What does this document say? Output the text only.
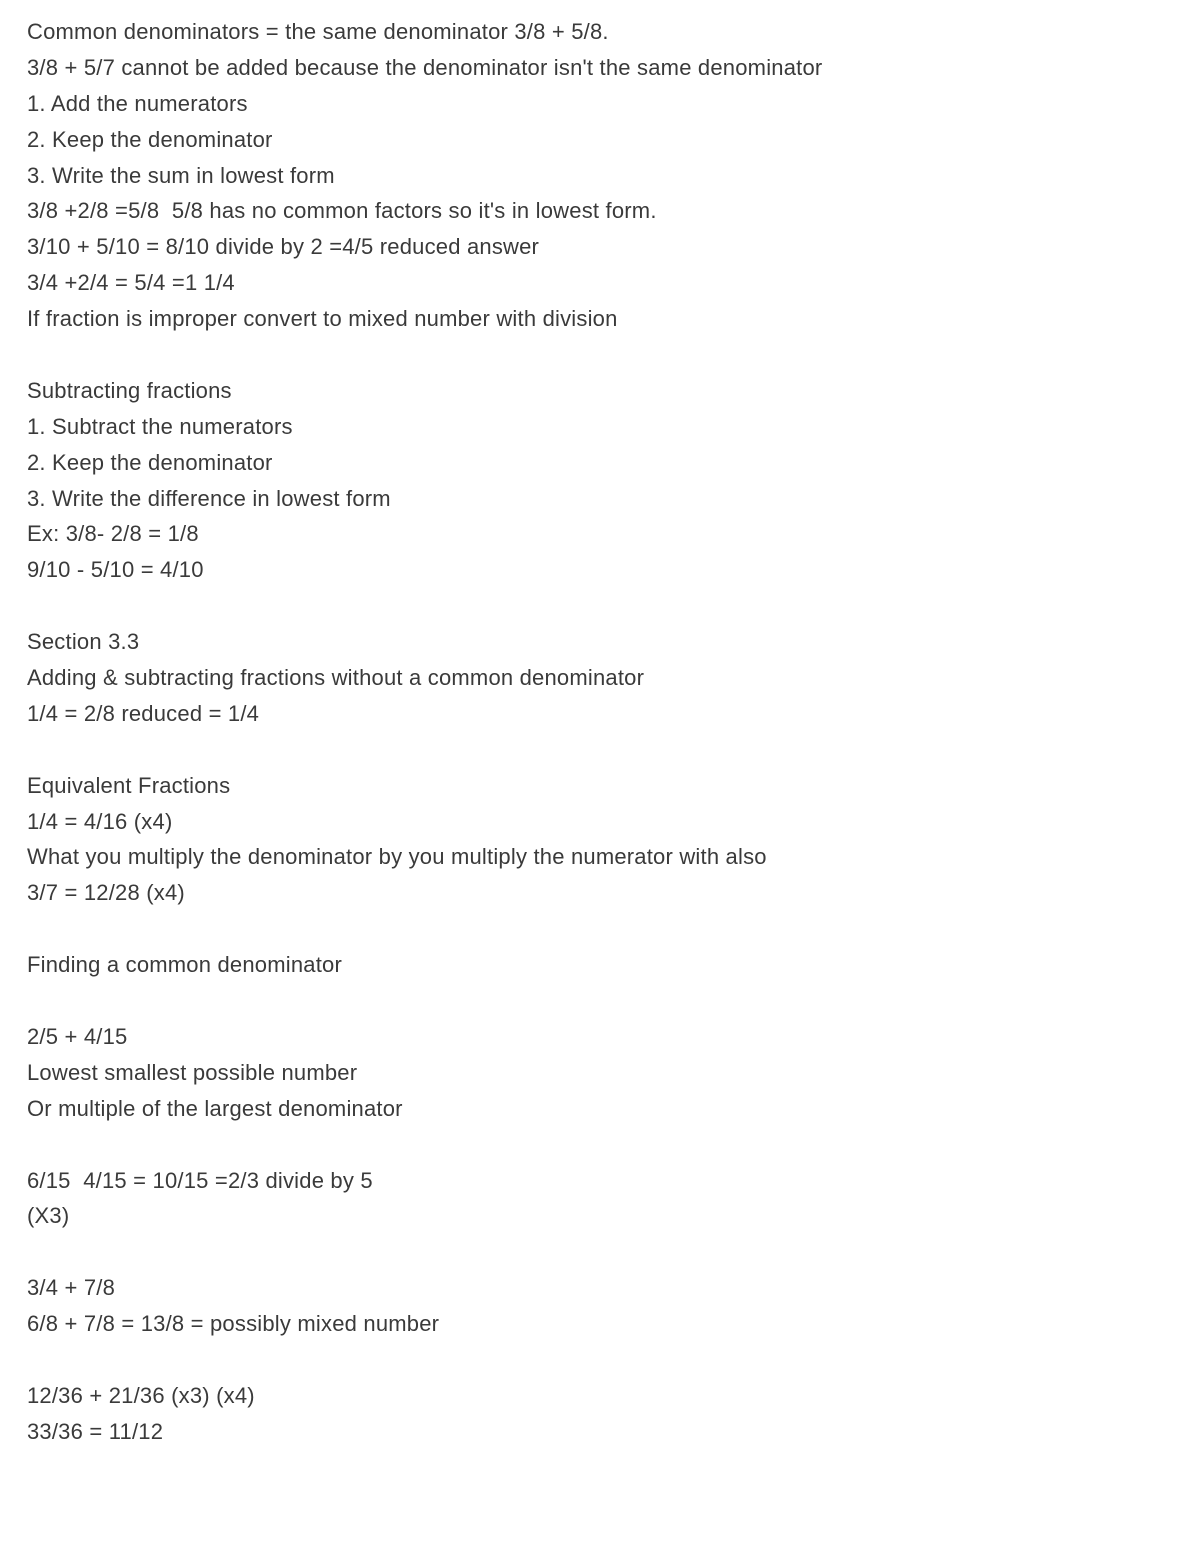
Common denominators = the same denominator 3/8 + 5/8.
3/8 + 5/7 cannot be added because the denominator isn't the same denominator
1. Add the numerators
2. Keep the denominator
3. Write the sum in lowest form
3/8 +2/8 =5/8  5/8 has no common factors so it's in lowest form.
3/10 + 5/10 = 8/10 divide by 2 =4/5 reduced answer
3/4 +2/4 = 5/4 =1 1/4
If fraction is improper convert to mixed number with division
Subtracting fractions
1. Subtract the numerators
2. Keep the denominator
3. Write the difference in lowest form
Ex: 3/8- 2/8 = 1/8
9/10 - 5/10 = 4/10
Section 3.3
Adding & subtracting fractions without a common denominator
1/4 = 2/8 reduced = 1/4
Equivalent Fractions
1/4 = 4/16 (x4)
What you multiply the denominator by you multiply the numerator with also
3/7 = 12/28 (x4)
Finding a common denominator
2/5 + 4/15
Lowest smallest possible number
Or multiple of the largest denominator
6/15  4/15 = 10/15 =2/3 divide by 5
(X3)
3/4 + 7/8
6/8 + 7/8 = 13/8 = possibly mixed number
12/36 + 21/36 (x3) (x4)
33/36 = 11/12
